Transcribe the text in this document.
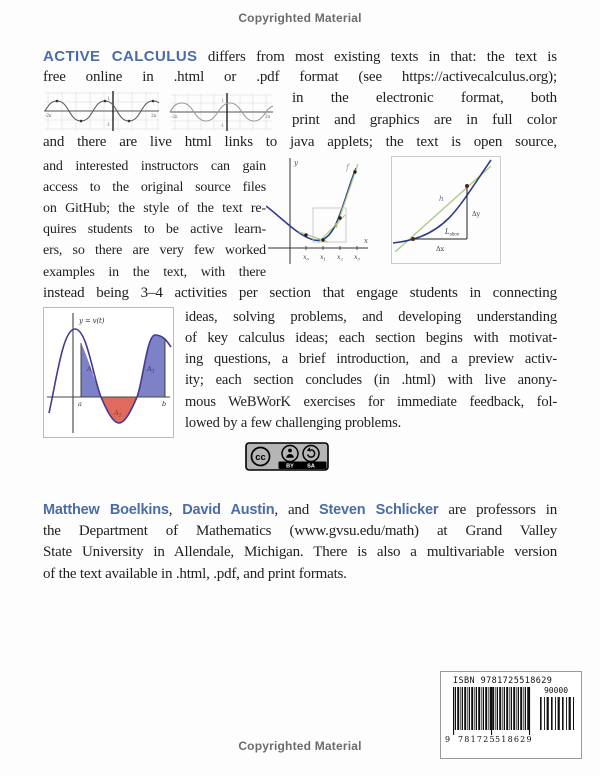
Copyrighted Material
ACTIVE CALCULUS differs from most existing texts in that: the text is
free online in .html or .pdf format (see https://activecalculus.org);
1
-1
-2π	2π
1
-1
-2π	2π
in the electronic format, both
print and graphics are in full color
and there are live html links to java applets; the text is open source,
and interested instructors can gain
access to the original source files
on GitHub; the style of the text re-
quires students to be active learn-
ers, so there are very few worked
examples in the text, with there
y
x
f
$x_0$ $x_1$ $x_2$ $x_3$
h
$L_{slice}$
Δy
Δx
instead being 3–4 activities per section that engage students in connecting
y = v(t)
$A_1$
$A_2$
$A_3$
a	b
ideas, solving problems, and developing understanding
of key calculus ideas; each section begins with motivat-
ing questions, a brief introduction, and a preview activ-
ity; each section concludes (in .html) with live anony-
mous WeBWorK exercises for immediate feedback, fol-
lowed by a few challenging problems.
cc
BY SA
Matthew Boelkins, David Austin, and Steven Schlicker are professors in
the Department of Mathematics (www.gvsu.edu/math) at Grand Valley
State University in Allendale, Michigan. There is also a multivariable version
of the text available in .html, .pdf, and print formats.
ISBN 9781725518629
9 781725 518629
90000
Copyrighted Material
